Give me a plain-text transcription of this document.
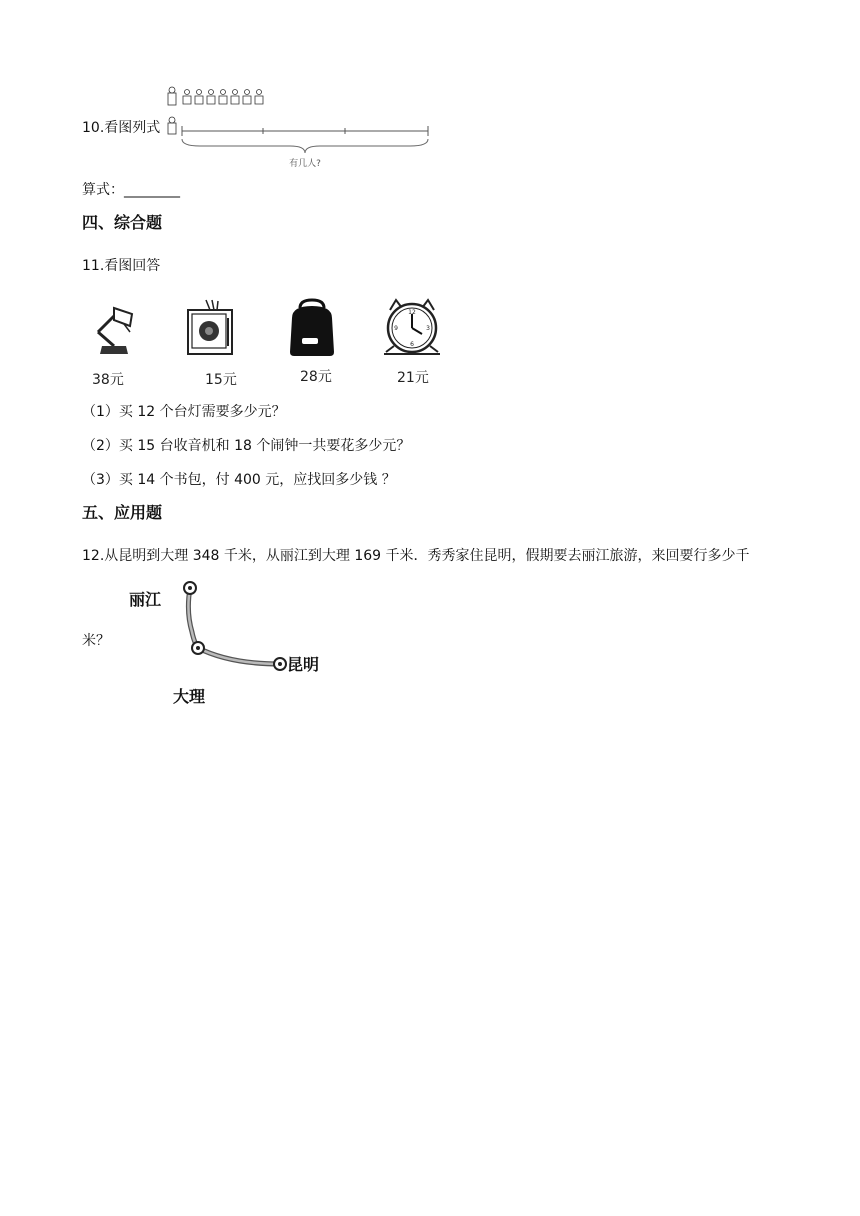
10.看图列式
有几人?
算式：________
四、综合题
11.看图回答
38元	15元	28元
12
3
6
9
21元
（1）买 12 个台灯需要多少元？
（2）买 15 台收音机和 18 个闹钟一共要花多少元？
（3）买 14 个书包，付 400 元，应找回多少钱 ？
五、应用题
12.从昆明到大理 348 千米，从丽江到大理 169 千米．秀秀家住昆明，假期要去丽江旅游，来回要行多少千
米？
丽江
大理
昆明
